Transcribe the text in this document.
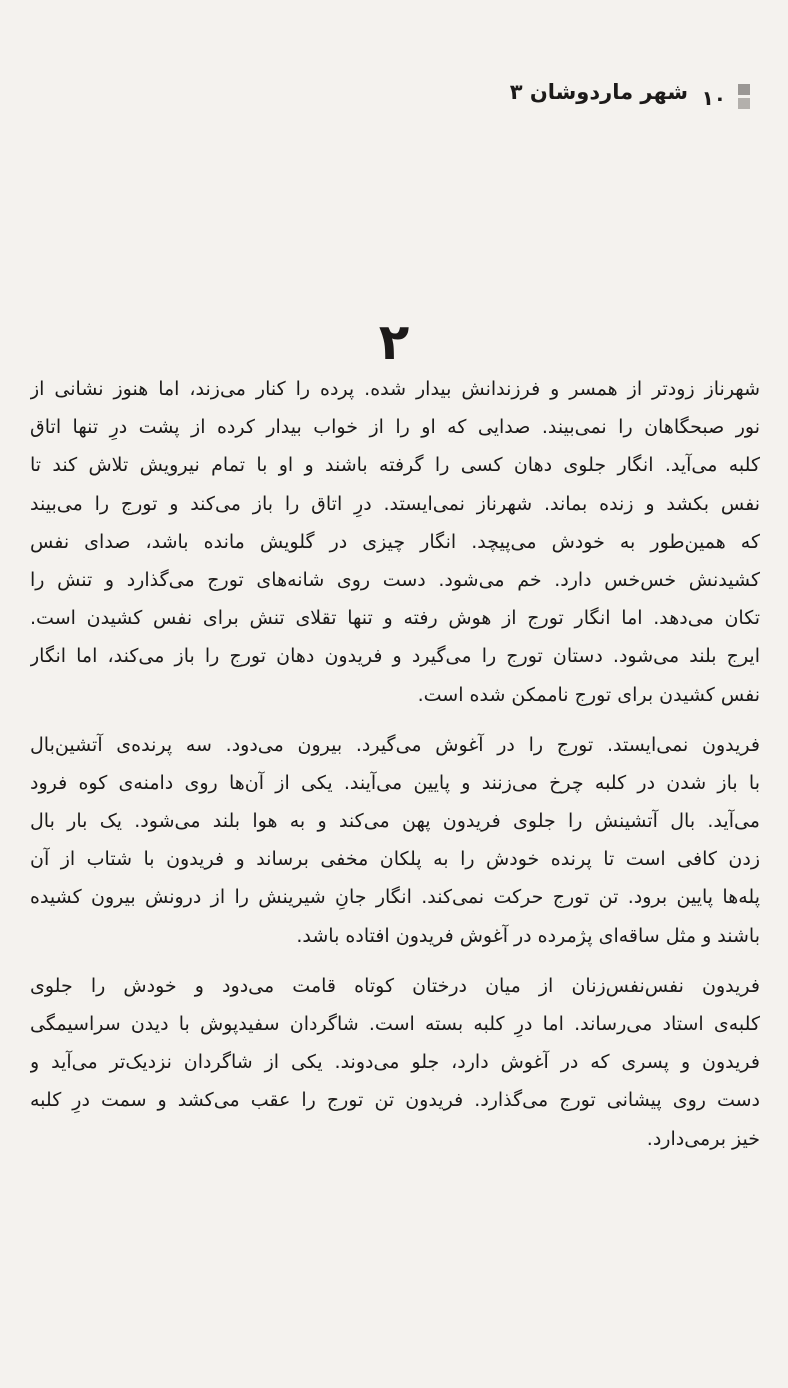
۱۰
شهر ماردوشان ۳
۲
شهرناز زودتر از همسر و فرزندانش بیدار شده. پرده را کنار می‌زند، اما هنوز نشانی از
نور صبحگاهان را نمی‌بیند. صدایی که او را از خواب بیدار کرده از پشت درِ تنها اتاق
کلبه می‌آید. انگار جلوی دهان کسی را گرفته باشند و او با تمام نیرویش تلاش کند تا
نفس بکشد و زنده بماند. شهرناز نمی‌ایستد. درِ اتاق را باز می‌کند و تورج را می‌بیند
که همین‌طور به خودش می‌پیچد. انگار چیزی در گلویش مانده باشد، صدای نفس
کشیدنش خس‌خس دارد. خم می‌شود. دست روی شانه‌های تورج می‌گذارد و تنش را
تکان می‌دهد. اما انگار تورج از هوش رفته و تنها تقلای تنش برای نفس کشیدن است.
ایرج بلند می‌شود. دستان تورج را می‌گیرد و فریدون دهان تورج را باز می‌کند، اما انگار
نفس کشیدن برای تورج ناممکن شده است.
فریدون نمی‌ایستد. تورج را در آغوش می‌گیرد. بیرون می‌دود. سه پرنده‌ی آتشین‌بال
با باز شدن در کلبه چرخ می‌زنند و پایین می‌آیند. یکی از آن‌ها روی دامنه‌ی کوه فرود
می‌آید. بال آتشینش را جلوی فریدون پهن می‌کند و به هوا بلند می‌شود. یک بار بال
زدن کافی است تا پرنده خودش را به پلکان مخفی برساند و فریدون با شتاب از آن
پله‌ها پایین برود. تن تورج حرکت نمی‌کند. انگار جانِ شیرینش را از درونش بیرون کشیده
باشند و مثل ساقه‌ای پژمرده در آغوش فریدون افتاده باشد.
فریدون نفس‌نفس‌زنان از میان درختان کوتاه قامت می‌دود و خودش را جلوی
کلبه‌ی استاد می‌رساند. اما درِ کلبه بسته است. شاگردان سفیدپوش با دیدن سراسیمگی
فریدون و پسری که در آغوش دارد، جلو می‌دوند. یکی از شاگردان نزدیک‌تر می‌آید و
دست روی پیشانی تورج می‌گذارد. فریدون تن تورج را عقب می‌کشد و سمت درِ کلبه
خیز برمی‌دارد.
